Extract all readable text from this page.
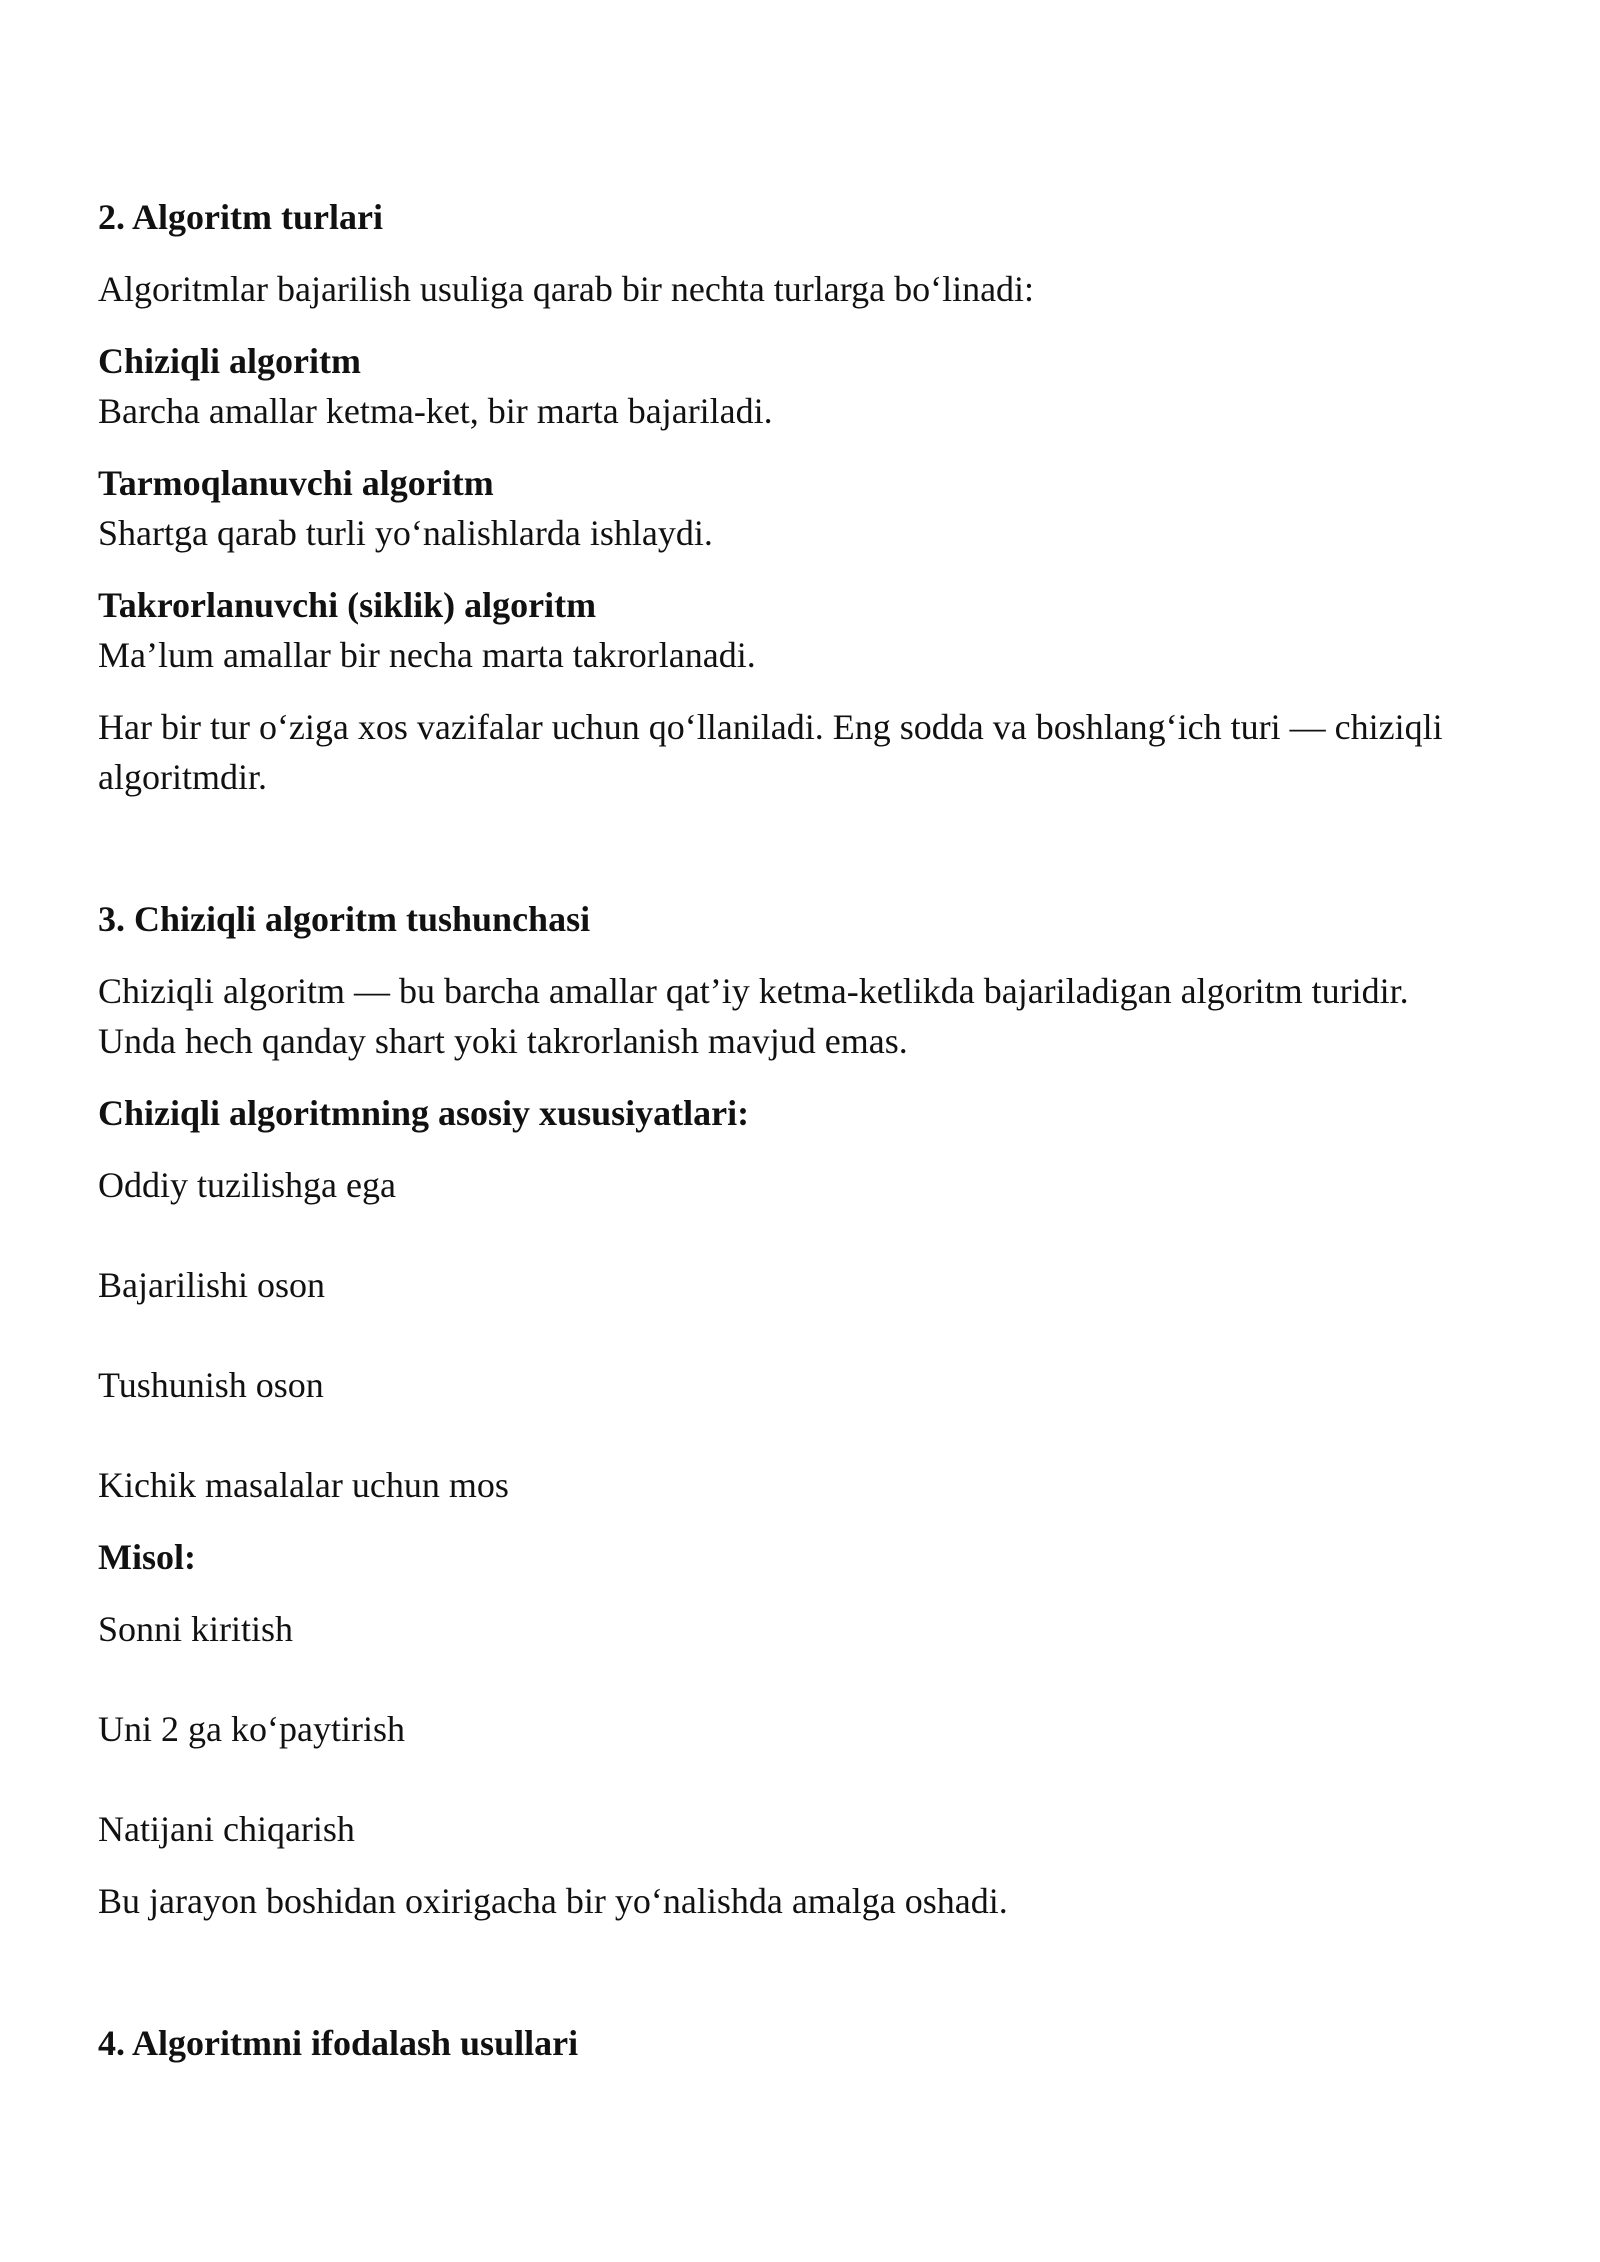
2. Algoritm turlari

Algoritmlar bajarilish usuliga qarab bir nechta turlarga bo‘linadi:

Chiziqli algoritm

Barcha amallar ketma-ket, bir marta bajariladi.

Tarmoqlanuvchi algoritm

Shartga qarab turli yo‘nalishlarda ishlaydi.

Takrorlanuvchi (siklik) algoritm

Ma’lum amallar bir necha marta takrorlanadi.

Har bir tur o‘ziga xos vazifalar uchun qo‘llaniladi. Eng sodda va boshlang‘ich turi — chiziqli

algoritmdir.

3. Chiziqli algoritm tushunchasi

Chiziqli algoritm — bu barcha amallar qat’iy ketma-ketlikda bajariladigan algoritm turidir.

Unda hech qanday shart yoki takrorlanish mavjud emas.

Chiziqli algoritmning asosiy xususiyatlari:

Oddiy tuzilishga ega

Bajarilishi oson

Tushunish oson

Kichik masalalar uchun mos

Misol:

Sonni kiritish

Uni 2 ga ko‘paytirish

Natijani chiqarish

Bu jarayon boshidan oxirigacha bir yo‘nalishda amalga oshadi.

4. Algoritmni ifodalash usullari
